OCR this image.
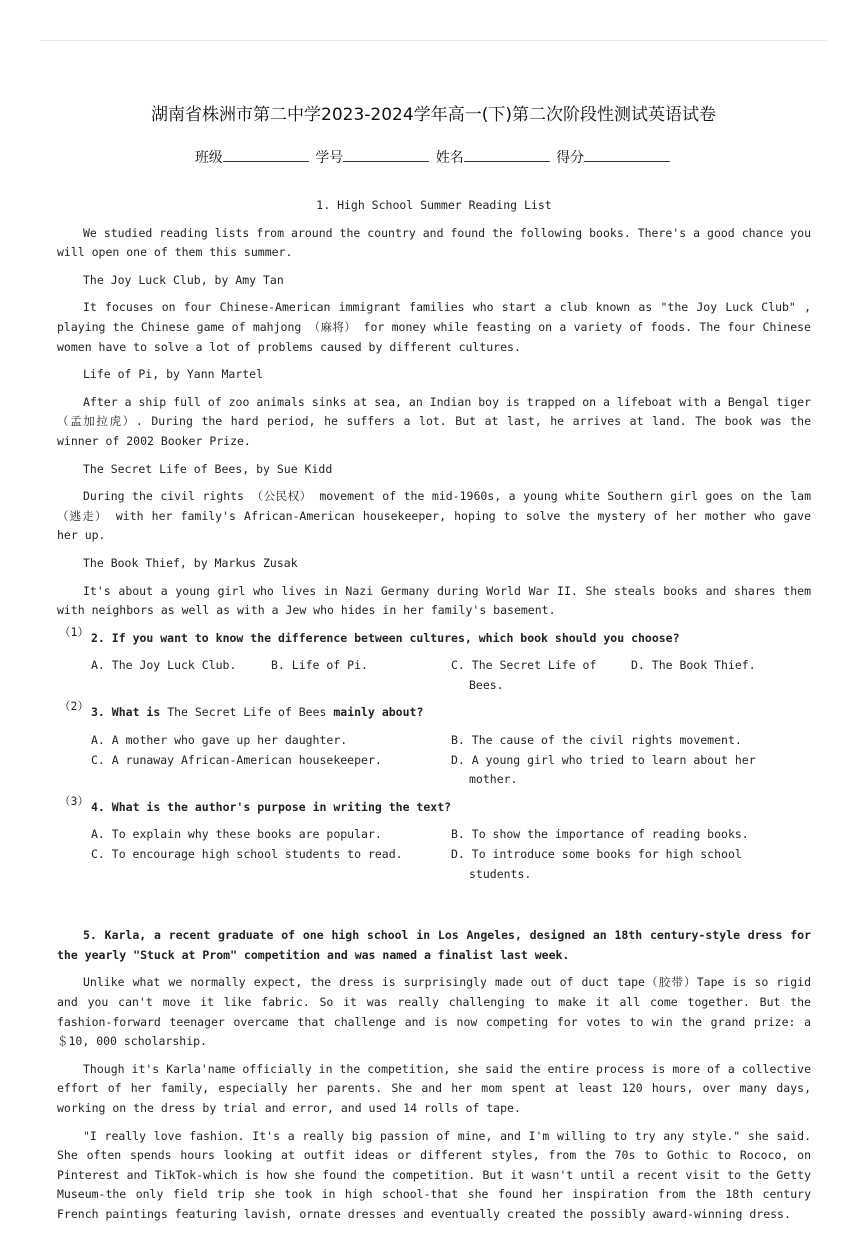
湖南省株洲市第二中学2023-2024学年高一(下)第二次阶段性测试英语试卷
班级	学号	姓名	得分

1. High School Summer Reading List

We studied reading lists from around the country and found the following books. There's a good chance you will open one of them this summer.

The Joy Luck Club, by Amy Tan

It focuses on four Chinese-American immigrant families who start a club known as "the Joy Luck Club" , playing the Chinese game of mahjong （麻将） for money while feasting on a variety of foods. The four Chinese women have to solve a lot of problems caused by different cultures.

Life of Pi, by Yann Martel

After a ship full of zoo animals sinks at sea, an Indian boy is trapped on a lifeboat with a Bengal tiger （孟加拉虎）. During the hard period, he suffers a lot. But at last, he arrives at land. The book was the winner of 2002 Booker Prize.

The Secret Life of Bees, by Sue Kidd

During the civil rights （公民权） movement of the mid-1960s, a young white Southern girl goes on the lam （逃走） with her family's African-American housekeeper, hoping to solve the mystery of her mother who gave her up.

The Book Thief, by Markus Zusak

It's about a young girl who lives in Nazi Germany during World War II. She steals books and shares them with neighbors as well as with a Jew who hides in her family's basement.

（1） 2. If you want to know the difference between cultures, which book should you choose?
A. The Joy Luck Club.	B. Life of Pi.	C. The Secret Life of Bees.
D. The Book Thief.
（2） 3. What is The Secret Life of Bees mainly about?
A. A mother who gave up her daughter.	B. The cause of the civil rights movement.
C. A runaway African-American housekeeper.	D. A young girl who tried to learn about her mother.
（3） 4. What is the author's purpose in writing the text?
A. To explain why these books are popular.	B. To show the importance of reading books.
C. To encourage high school students to read.	D. To introduce some books for high school students.

5. Karla, a recent graduate of one high school in Los Angeles, designed an 18th century-style dress for the yearly "Stuck at Prom" competition and was named a finalist last week.

Unlike what we normally expect, the dress is surprisingly made out of duct tape（胶带）Tape is so rigid and you can't move it like fabric. So it was really challenging to make it all come together. But the fashion-forward teenager overcame that challenge and is now competing for votes to win the grand prize: a ＄10, 000 scholarship.

Though it's Karla'name officially in the competition, she said the entire process is more of a collective effort of her family, especially her parents. She and her mom spent at least 120 hours, over many days, working on the dress by trial and error, and used 14 rolls of tape.

"I really love fashion. It's a really big passion of mine, and I'm willing to try any style." she said. She often spends hours looking at outfit ideas or different styles, from the 70s to Gothic to Rococo, on Pinterest and TikTok-which is how she found the competition. But it wasn't until a recent visit to the Getty Museum-the only field trip she took in high school-that she found her inspiration from the 18th century French paintings featuring lavish, ornate dresses and eventually created the possibly award-winning dress.
